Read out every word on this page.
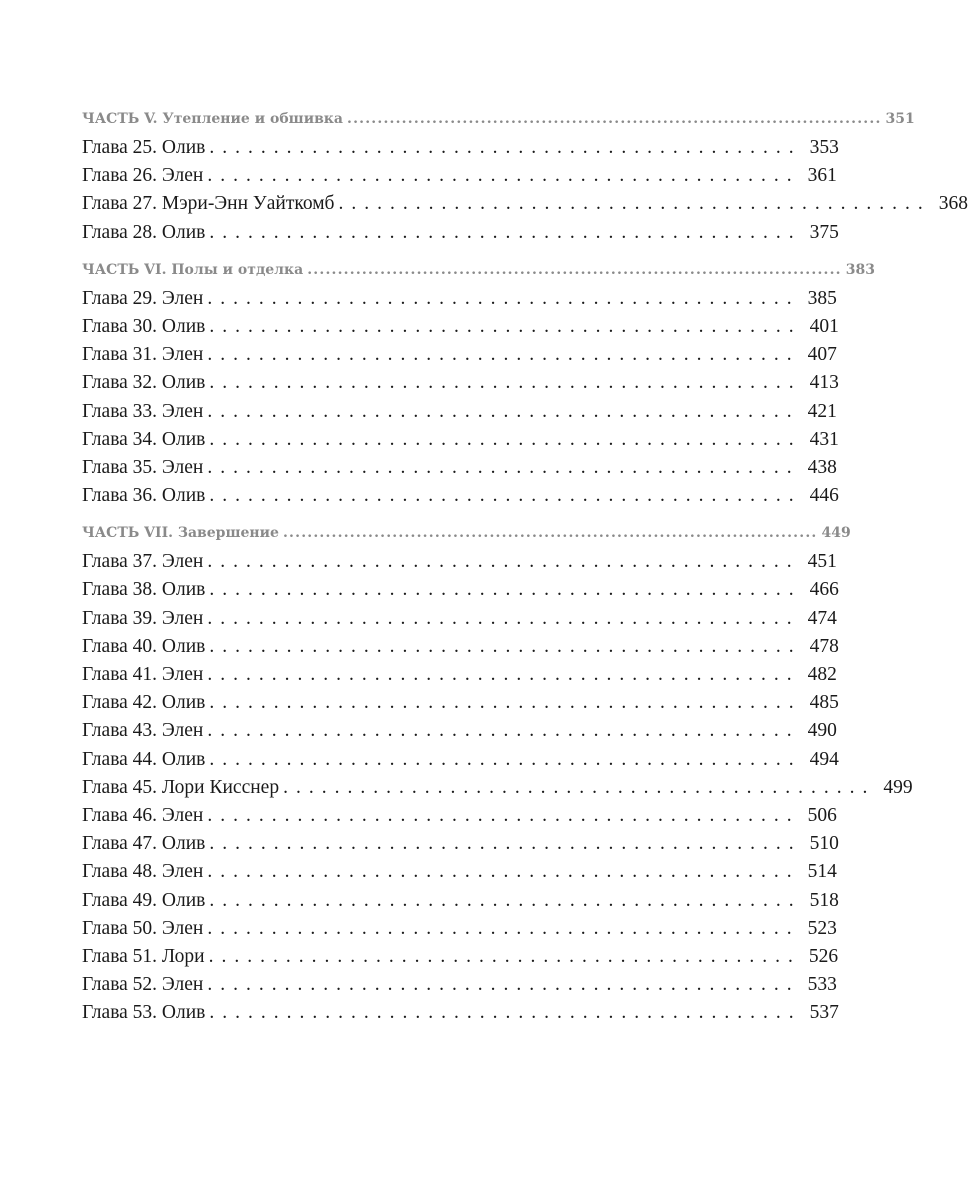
ЧАСТЬ V. Утепление и обшивка ........................................................................................ 351
Глава 25. Олив .............................................. 353
Глава 26. Элен .............................................. 361
Глава 27. Мэри-Энн Уайткомб .............................................. 368
Глава 28. Олив .............................................. 375
ЧАСТЬ VI. Полы и отделка ........................................................................................ 383
Глава 29. Элен .............................................. 385
Глава 30. Олив .............................................. 401
Глава 31. Элен .............................................. 407
Глава 32. Олив .............................................. 413
Глава 33. Элен .............................................. 421
Глава 34. Олив .............................................. 431
Глава 35. Элен .............................................. 438
Глава 36. Олив .............................................. 446
ЧАСТЬ VII. Завершение ........................................................................................ 449
Глава 37. Элен .............................................. 451
Глава 38. Олив .............................................. 466
Глава 39. Элен .............................................. 474
Глава 40. Олив .............................................. 478
Глава 41. Элен .............................................. 482
Глава 42. Олив .............................................. 485
Глава 43. Элен .............................................. 490
Глава 44. Олив .............................................. 494
Глава 45. Лори Кисснер .............................................. 499
Глава 46. Элен .............................................. 506
Глава 47. Олив .............................................. 510
Глава 48. Элен .............................................. 514
Глава 49. Олив .............................................. 518
Глава 50. Элен .............................................. 523
Глава 51. Лори .............................................. 526
Глава 52. Элен .............................................. 533
Глава 53. Олив .............................................. 537
